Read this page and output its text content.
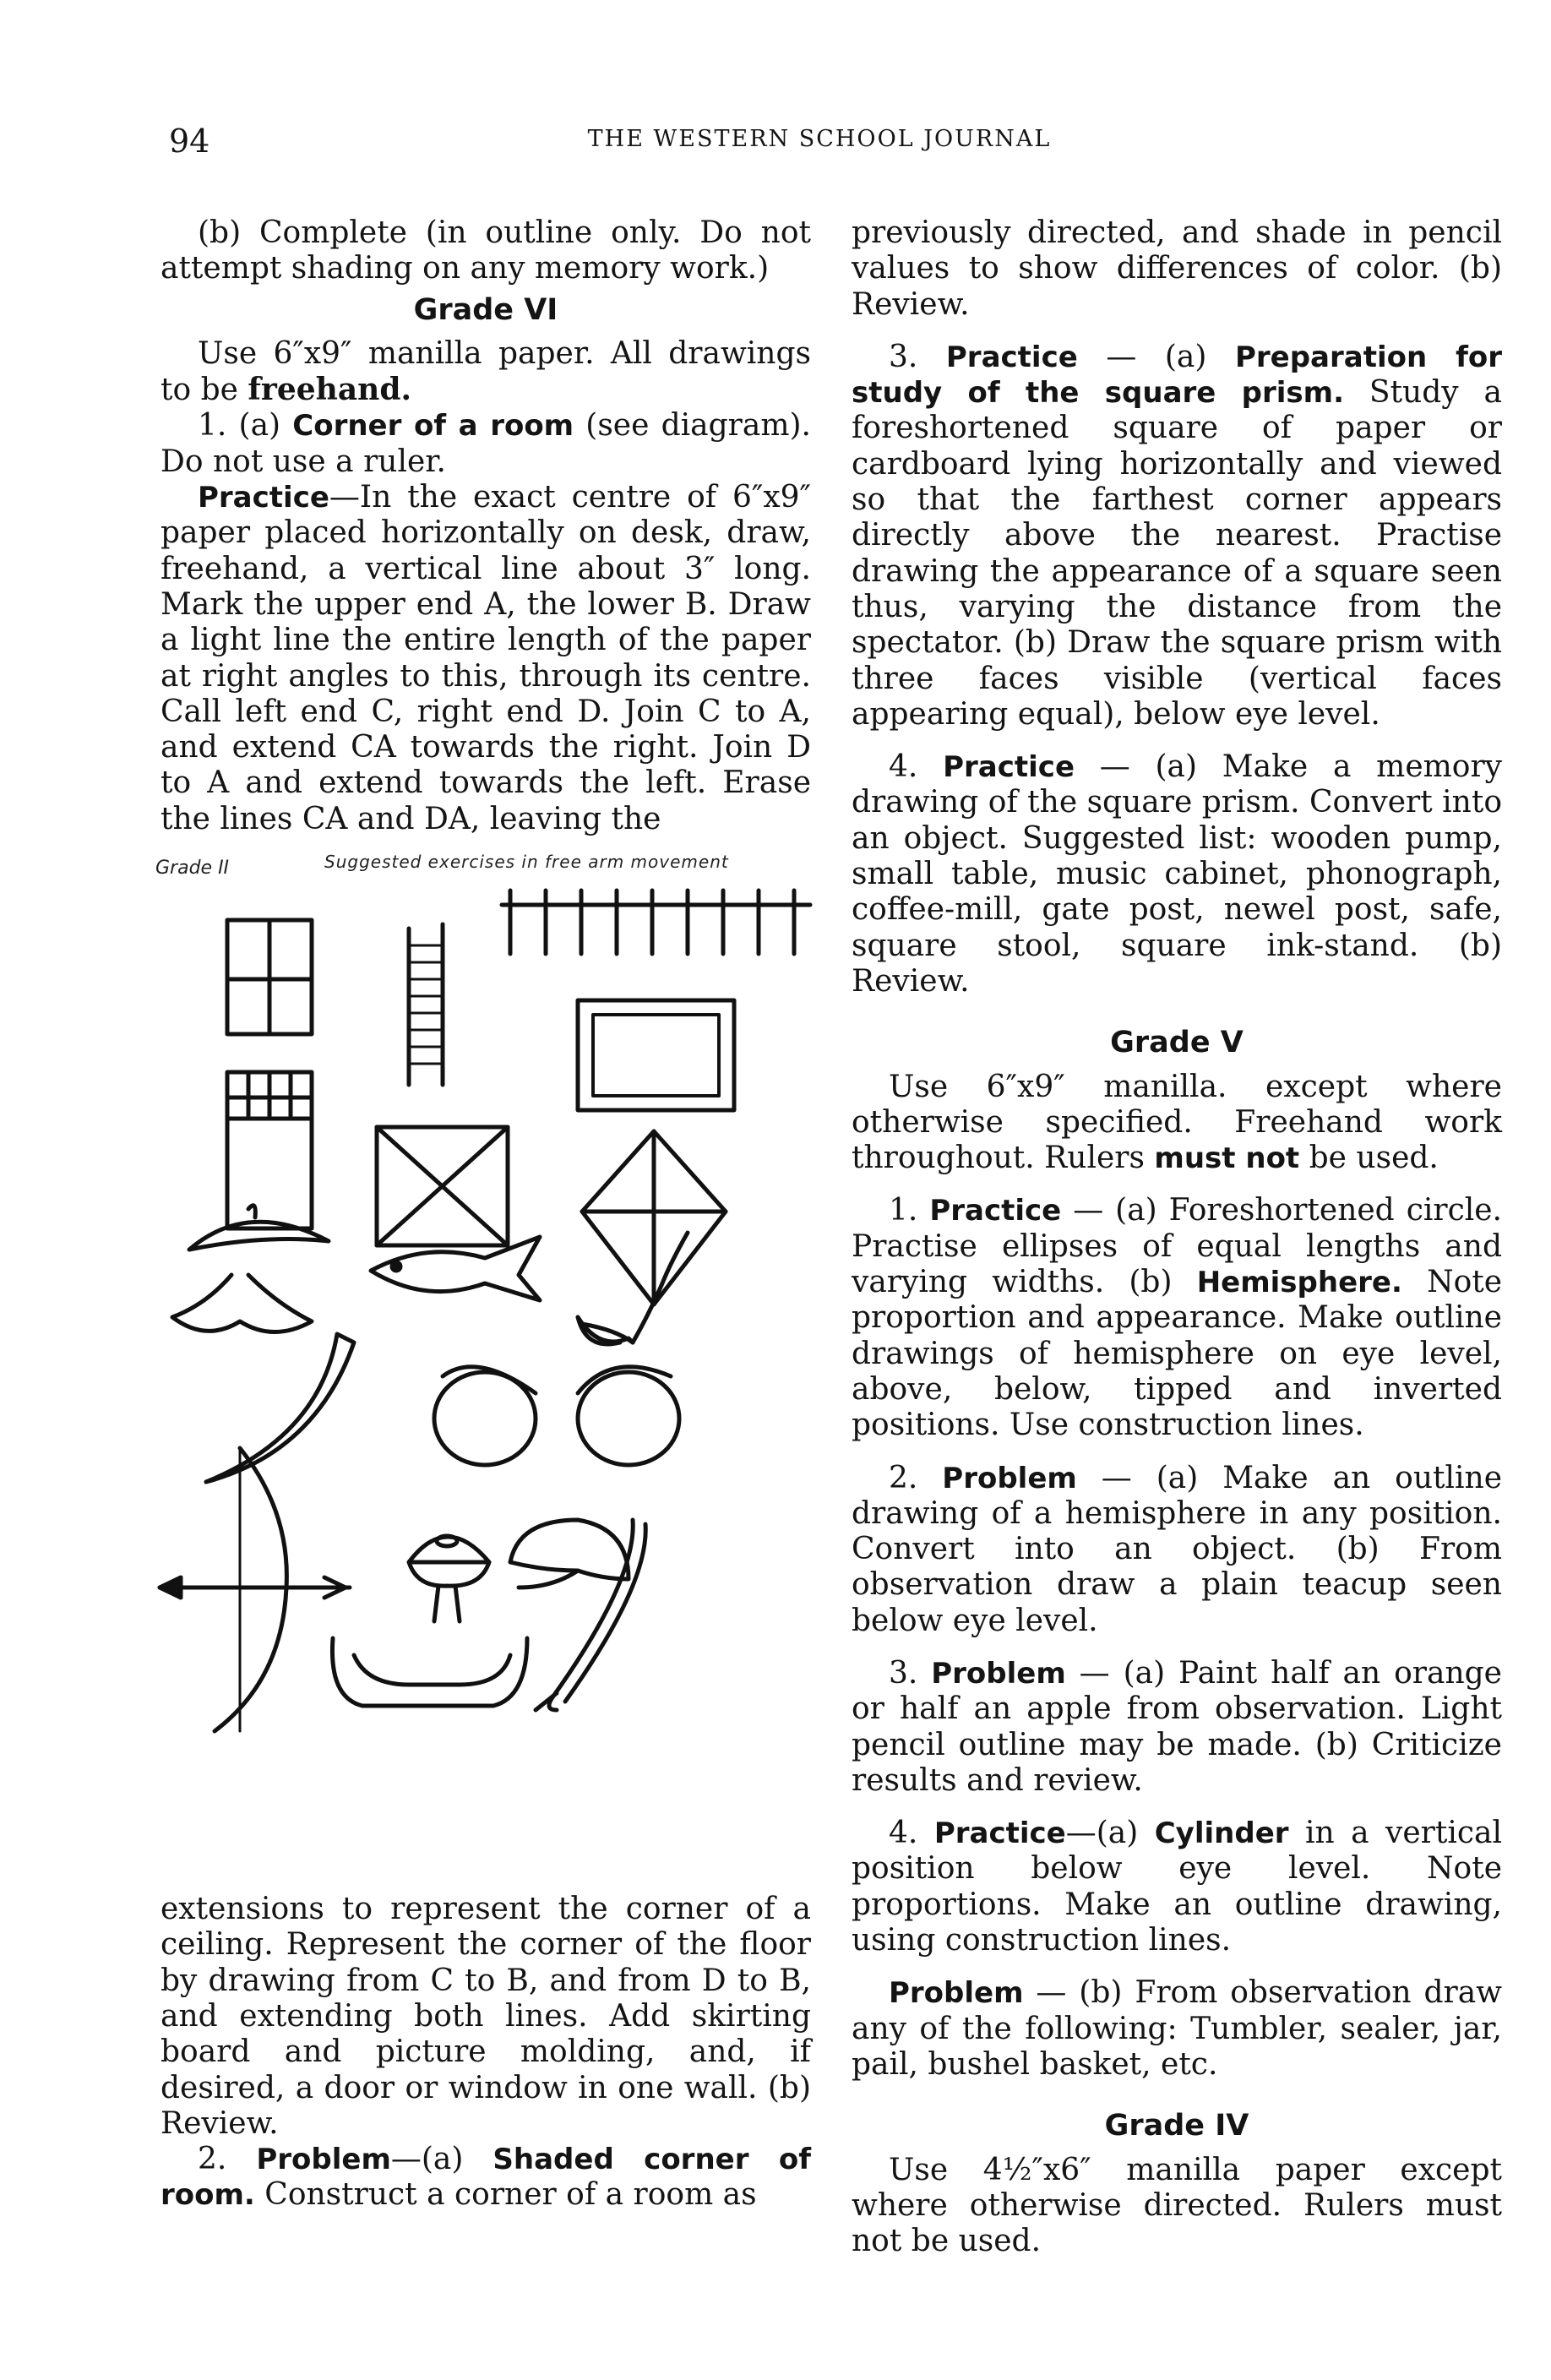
94	THE WESTERN SCHOOL JOURNAL

(b) Complete (in outline only. Do not attempt shading on any memory work.)

Grade VI

Use 6″x9″ manilla paper. All drawings to be freehand.

1. (a) Corner of a room (see diagram). Do not use a ruler.

Practice—In the exact centre of 6″x9″ paper placed horizontally on desk, draw, freehand, a vertical line about 3″ long. Mark the upper end A, the lower B. Draw a light line the entire length of the paper at right angles to this, through its centre. Call left end C, right end D. Join C to A, and extend CA towards the right. Join D to A and extend towards the left. Erase the lines CA and DA, leaving the

Grade II	Suggested exercises in free arm movement

extensions to represent the corner of a ceiling. Represent the corner of the floor by drawing from C to B, and from D to B, and extending both lines. Add skirting board and picture molding, and, if desired, a door or window in one wall. (b) Review.

2. Problem—(a) Shaded corner of room. Construct a corner of a room as

previously directed, and shade in pencil values to show differences of color. (b) Review.

3. Practice — (a) Preparation for study of the square prism. Study a foreshortened square of paper or cardboard lying horizontally and viewed so that the farthest corner appears directly above the nearest. Practise drawing the appearance of a square seen thus, varying the distance from the spectator. (b) Draw the square prism with three faces visible (vertical faces appearing equal), below eye level.

4. Practice — (a) Make a memory drawing of the square prism. Convert into an object. Suggested list: wooden pump, small table, music cabinet, phonograph, coffee-mill, gate post, newel post, safe, square stool, square ink-stand. (b) Review.

Grade V

Use 6″x9″ manilla. except where otherwise specified. Freehand work throughout. Rulers must not be used.

1. Practice — (a) Foreshortened circle. Practise ellipses of equal lengths and varying widths. (b) Hemisphere. Note proportion and appearance. Make outline drawings of hemisphere on eye level, above, below, tipped and inverted positions. Use construction lines.

2. Problem — (a) Make an outline drawing of a hemisphere in any position. Convert into an object. (b) From observation draw a plain teacup seen below eye level.

3. Problem — (a) Paint half an orange or half an apple from observation. Light pencil outline may be made. (b) Criticize results and review.

4. Practice—(a) Cylinder in a vertical position below eye level. Note proportions. Make an outline drawing, using construction lines.

Problem — (b) From observation draw any of the following: Tumbler, sealer, jar, pail, bushel basket, etc.

Grade IV

Use 4½″x6″ manilla paper except where otherwise directed. Rulers must not be used.
